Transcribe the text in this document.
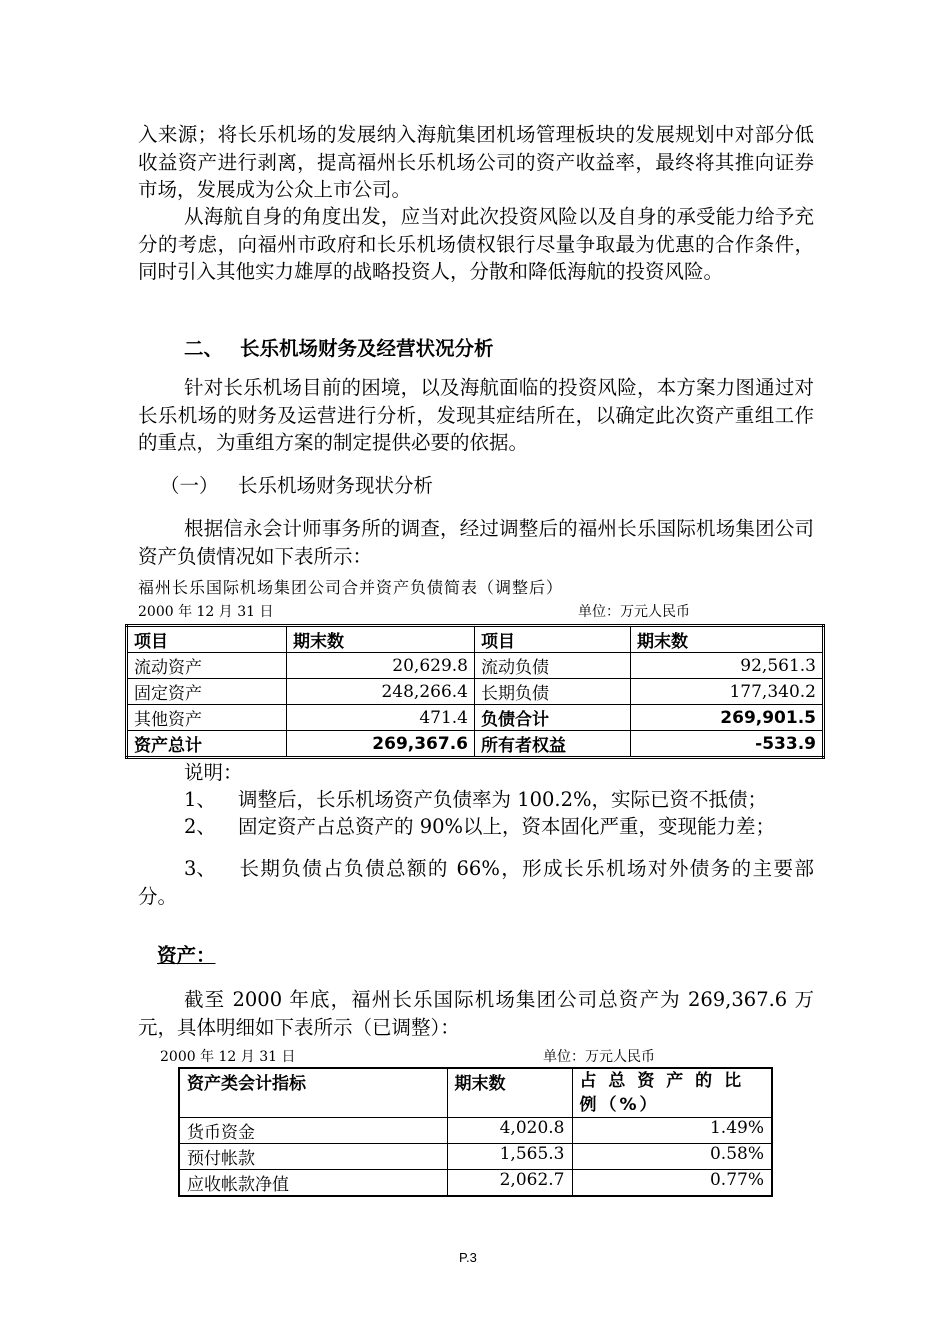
入来源；将长乐机场的发展纳入海航集团机场管理板块的发展规划中对部分低收益资产进行剥离，提高福州长乐机场公司的资产收益率，最终将其推向证券市场，发展成为公众上市公司。

从海航自身的角度出发，应当对此次投资风险以及自身的承受能力给予充分的考虑，向福州市政府和长乐机场债权银行尽量争取最为优惠的合作条件，同时引入其他实力雄厚的战略投资人，分散和降低海航的投资风险。

二、 长乐机场财务及经营状况分析

针对长乐机场目前的困境，以及海航面临的投资风险，本方案力图通过对长乐机场的财务及运营进行分析，发现其症结所在，以确定此次资产重组工作的重点，为重组方案的制定提供必要的依据。

（一） 长乐机场财务现状分析

根据信永会计师事务所的调查，经过调整后的福州长乐国际机场集团公司资产负债情况如下表所示：

福州长乐国际机场集团公司合并资产负债简表（调整后）
2000 年 12 月 31 日	单位：万元人民币
项目	期末数	项目	期末数
流动资产	20,629.8	流动负债	92,561.3
固定资产	248,266.4	长期负债	177,340.2
其他资产	471.4	负债合计	269,901.5
资产总计	269,367.6	所有者权益	-533.9
说明：
1、 调整后，长乐机场资产负债率为 100.2%，实际已资不抵债；
2、 固定资产占总资产的 90%以上，资本固化严重，变现能力差；
3、 长期负债占负债总额的 66%，形成长乐机场对外债务的主要部分。
资产：

截至 2000 年底，福州长乐国际机场集团公司总资产为 269,367.6 万元，具体明细如下表所示（已调整）：

2000 年 12 月 31 日	单位：万元人民币
资产类会计指标	期末数	占 总 资 产 的 比 例（%）
货币资金	4,020.8	1.49%
预付帐款	1,565.3	0.58%
应收帐款净值	2,062.7	0.77%
P.3
